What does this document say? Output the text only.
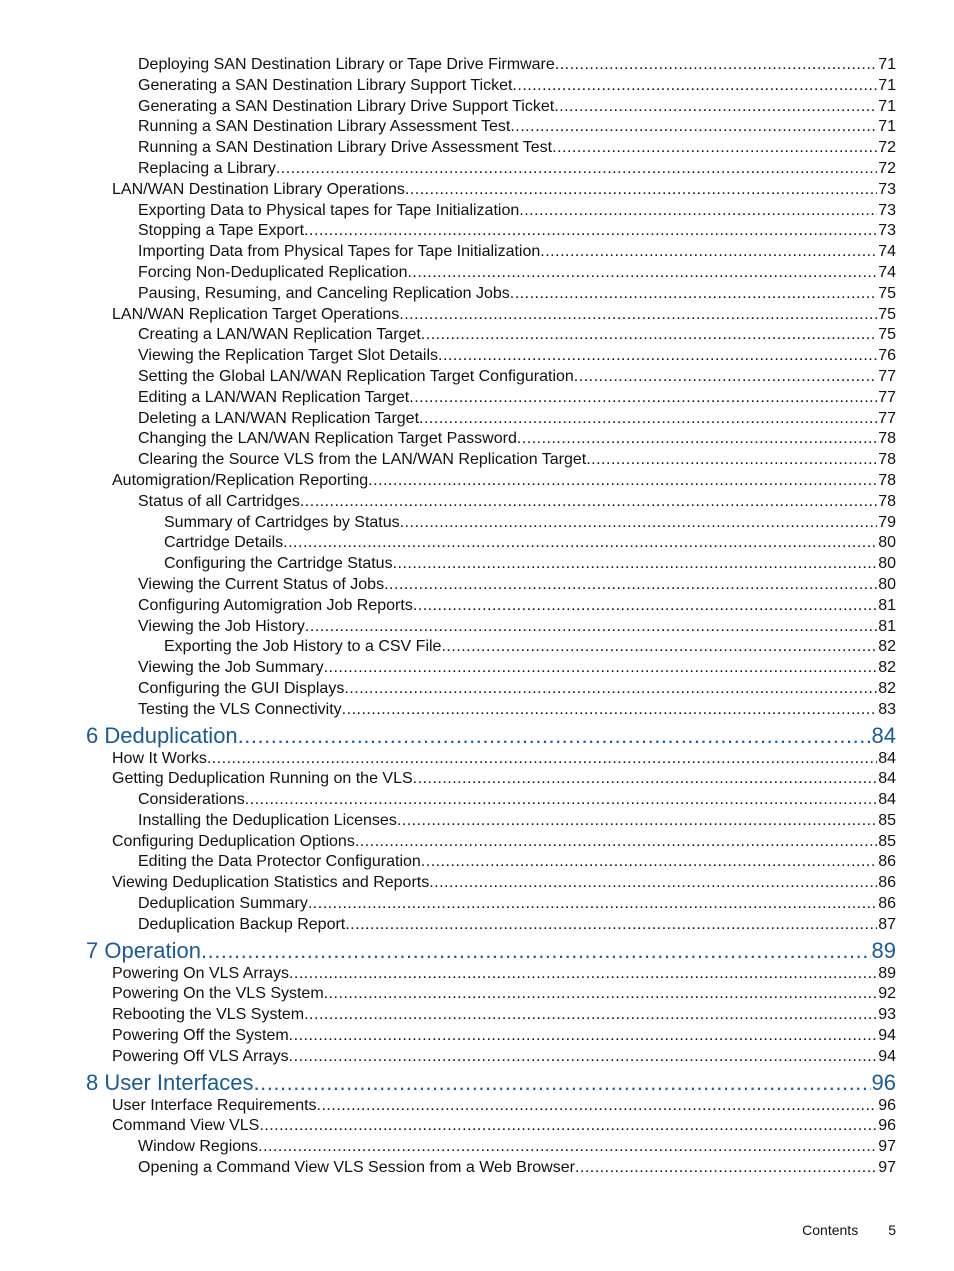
Deploying SAN Destination Library or Tape Drive Firmware .....	71
Generating a SAN Destination Library Support Ticket .....	71
Generating a SAN Destination Library Drive Support Ticket .....	71
Running a SAN Destination Library Assessment Test .....	71
Running a SAN Destination Library Drive Assessment Test .....	72
Replacing a Library .....	72
LAN/WAN Destination Library Operations .....	73
Exporting Data to Physical tapes for Tape Initialization .....	73
Stopping a Tape Export .....	73
Importing Data from Physical Tapes for Tape Initialization .....	74
Forcing Non-Deduplicated Replication .....	74
Pausing, Resuming, and Canceling Replication Jobs .....	75
LAN/WAN Replication Target Operations .....	75
Creating a LAN/WAN Replication Target .....	75
Viewing the Replication Target Slot Details .....	76
Setting the Global LAN/WAN Replication Target Configuration .....	77
Editing a LAN/WAN Replication Target .....	77
Deleting a LAN/WAN Replication Target .....	77
Changing the LAN/WAN Replication Target Password .....	78
Clearing the Source VLS from the LAN/WAN Replication Target .....	78
Automigration/Replication Reporting .....	78
Status of all Cartridges .....	78
Summary of Cartridges by Status .....	79
Cartridge Details .....	80
Configuring the Cartridge Status .....	80
Viewing the Current Status of Jobs .....	80
Configuring Automigration Job Reports .....	81
Viewing the Job History .....	81
Exporting the Job History to a CSV File .....	82
Viewing the Job Summary .....	82
Configuring the GUI Displays .....	82
Testing the VLS Connectivity .....	83
6 Deduplication .....	84
How It Works .....	84
Getting Deduplication Running on the VLS .....	84
Considerations .....	84
Installing the Deduplication Licenses .....	85
Configuring Deduplication Options .....	85
Editing the Data Protector Configuration .....	86
Viewing Deduplication Statistics and Reports .....	86
Deduplication Summary .....	86
Deduplication Backup Report .....	87
7 Operation .....	89
Powering On VLS Arrays .....	89
Powering On the VLS System .....	92
Rebooting the VLS System .....	93
Powering Off the System .....	94
Powering Off VLS Arrays .....	94
8 User Interfaces .....	96
User Interface Requirements .....	96
Command View VLS .....	96
Window Regions .....	97
Opening a Command View VLS Session from a Web Browser .....	97
Contents 5
